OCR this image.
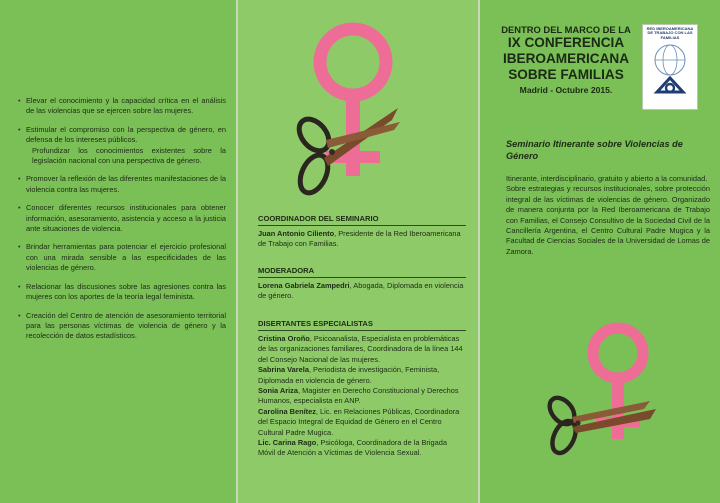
• Elevar el conocimiento y la capacidad crítica en el análisis de las violencias que se ejercen sobre las mujeres.
• Estimular el compromiso con la perspectiva de género, en defensa de los intereses públicos.
Profundizar los conocimientos existentes sobre la legislación nacional con una perspectiva de género.
• Promover la reflexión de las diferentes manifestaciones de la violencia contra las mujeres.
• Conocer diferentes recursos institucionales para obtener información, asesoramiento, asistencia y acceso a la justicia ante situaciones de violencia.
• Brindar herramientas para potenciar el ejercicio profesional con una mirada sensible a las especificidades de las violencias de género.
• Relacionar las discusiones sobre las agresiones contra las mujeres con los aportes de la teoría legal feminista.
• Creación del Centro de atención de asesoramiento territorial para las personas víctimas de violencia de género y la recolección de datos estadísticos.
COORDINADOR DEL SEMINARIO
Juan Antonio Ciliento, Presidente de la Red Iberoamericana de Trabajo con Familias.
MODERADORA
Lorena Gabriela Zampedri, Abogada, Diplomada en violencia de género.
DISERTANTES ESPECIALISTAS
Cristina Oroño, Psicoanalista, Especialista en problemáticas de las organizaciones familiares, Coordinadora de la línea 144 del Consejo Nacional de las mujeres.
Sabrina Varela, Periodista de investigación, Feminista, Diplomada en violencia de género.
Sonia Ariza, Magister en Derecho Constitucional y Derechos Humanos, especialista en ANP.
Carolina Benítez, Lic. en Relaciones Públicas, Coordinadora del Espacio Integral de Equidad de Género en el Centro Cultural Padre Mugica.
Lic. Carina Rago, Psicóloga, Coordinadora de la Brigada Móvil de Atención a Víctimas de Violencia Sexual.
DENTRO DEL MARCO DE LA
IX CONFERENCIA
IBEROAMERICANA
SOBRE FAMILIAS
Madrid - Octubre 2015.
RED IBEROAMERICANA DE TRABAJO CON LAS FAMILIAS
Seminario Itinerante sobre Violencias de Género
Itinerante, interdisciplinario, gratuito y abierto a la comunidad.
Sobre estrategias y recursos institucionales, sobre protección integral de las víctimas de violencias de género. Organizado de manera conjunta por la Red Iberoamericana de Trabajo con Familias, el Consejo Consultivo de la Sociedad Civil de la Cancillería Argentina, el Centro Cultural Padre Mugica y la Facultad de Ciencias Sociales de la Universidad de Lomas de Zamora.
